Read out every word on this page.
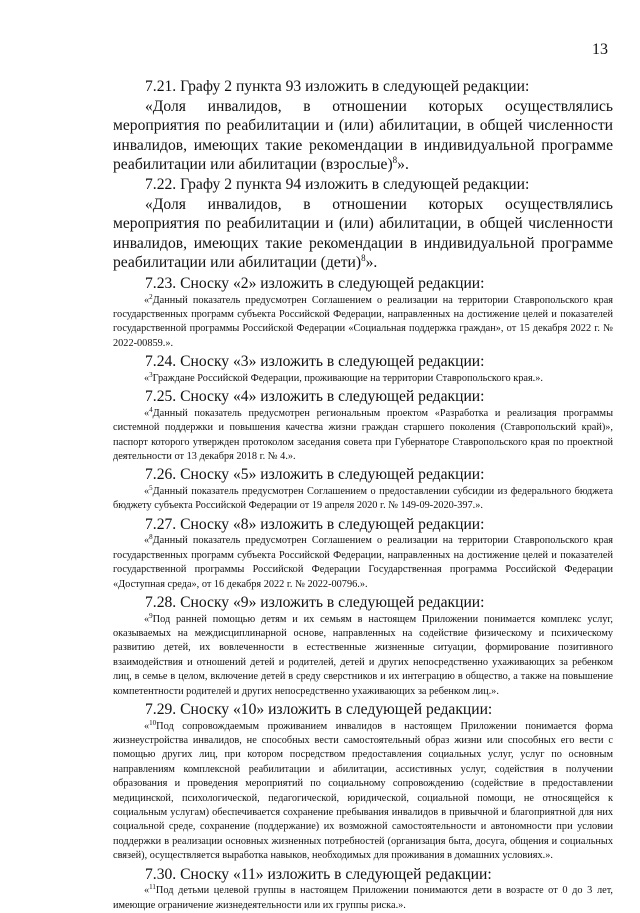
13

7.21. Графу 2 пункта 93 изложить в следующей редакции:

«Доля инвалидов, в отношении которых осуществлялись мероприятия по реабилитации и (или) абилитации, в общей численности инвалидов, имеющих такие рекомендации в индивидуальной программе реабилитации или абилитации (взрослые)$^8$».

7.22. Графу 2 пункта 94 изложить в следующей редакции:

«Доля инвалидов, в отношении которых осуществлялись мероприятия по реабилитации и (или) абилитации, в общей численности инвалидов, имеющих такие рекомендации в индивидуальной программе реабилитации или абилитации (дети)$^8$».

7.23. Сноску «2» изложить в следующей редакции:

«$^2$Данный показатель предусмотрен Соглашением о реализации на территории Ставропольского края государственных программ субъекта Российской Федерации, направленных на достижение целей и показателей государственной программы Российской Федерации «Социальная поддержка граждан», от 15 декабря 2022 г. № 2022-00859.».

7.24. Сноску «3» изложить в следующей редакции:

«$^3$Граждане Российской Федерации, проживающие на территории Ставропольского края.».

7.25. Сноску «4» изложить в следующей редакции:

«$^4$Данный показатель предусмотрен региональным проектом «Разработка и реализация программы системной поддержки и повышения качества жизни граждан старшего поколения (Ставропольский край)», паспорт которого утвержден протоколом заседания совета при Губернаторе Ставропольского края по проектной деятельности от 13 декабря 2018 г. № 4.».

7.26. Сноску «5» изложить в следующей редакции:

«$^5$Данный показатель предусмотрен Соглашением о предоставлении субсидии из федерального бюджета бюджету субъекта Российской Федерации от 19 апреля 2020 г. № 149-09-2020-397.».

7.27. Сноску «8» изложить в следующей редакции:

«$^8$Данный показатель предусмотрен Соглашением о реализации на территории Ставропольского края государственных программ субъекта Российской Федерации, направленных на достижение целей и показателей государственной программы Российской Федерации Государственная программа Российской Федерации «Доступная среда», от 16 декабря 2022 г. № 2022-00796.».

7.28. Сноску «9» изложить в следующей редакции:

«$^9$Под ранней помощью детям и их семьям в настоящем Приложении понимается комплекс услуг, оказываемых на междисциплинарной основе, направленных на содействие физическому и психическому развитию детей, их вовлеченности в естественные жизненные ситуации, формирование позитивного взаимодействия и отношений детей и родителей, детей и других непосредственно ухаживающих за ребенком лиц, в семье в целом, включение детей в среду сверстников и их интеграцию в общество, а также на повышение компетентности родителей и других непосредственно ухаживающих за ребенком лиц.».

7.29. Сноску «10» изложить в следующей редакции:

«$^{10}$Под сопровождаемым проживанием инвалидов в настоящем Приложении понимается форма жизнеустройства инвалидов, не способных вести самостоятельный образ жизни или способных его вести с помощью других лиц, при котором посредством предоставления социальных услуг, услуг по основным направлениям комплексной реабилитации и абилитации, ассистивных услуг, содействия в получении образования и проведения мероприятий по социальному сопровождению (содействие в предоставлении медицинской, психологической, педагогической, юридической, социальной помощи, не относящейся к социальным услугам) обеспечивается сохранение пребывания инвалидов в привычной и благоприятной для них социальной среде, сохранение (поддержание) их возможной самостоятельности и автономности при условии поддержки в реализации основных жизненных потребностей (организация быта, досуга, общения и социальных связей), осуществляется выработка навыков, необходимых для проживания в домашних условиях.».

7.30. Сноску «11» изложить в следующей редакции:

«$^{11}$Под детьми целевой группы в настоящем Приложении понимаются дети в возрасте от 0 до 3 лет, имеющие ограничение жизнедеятельности или их группы риска.».
